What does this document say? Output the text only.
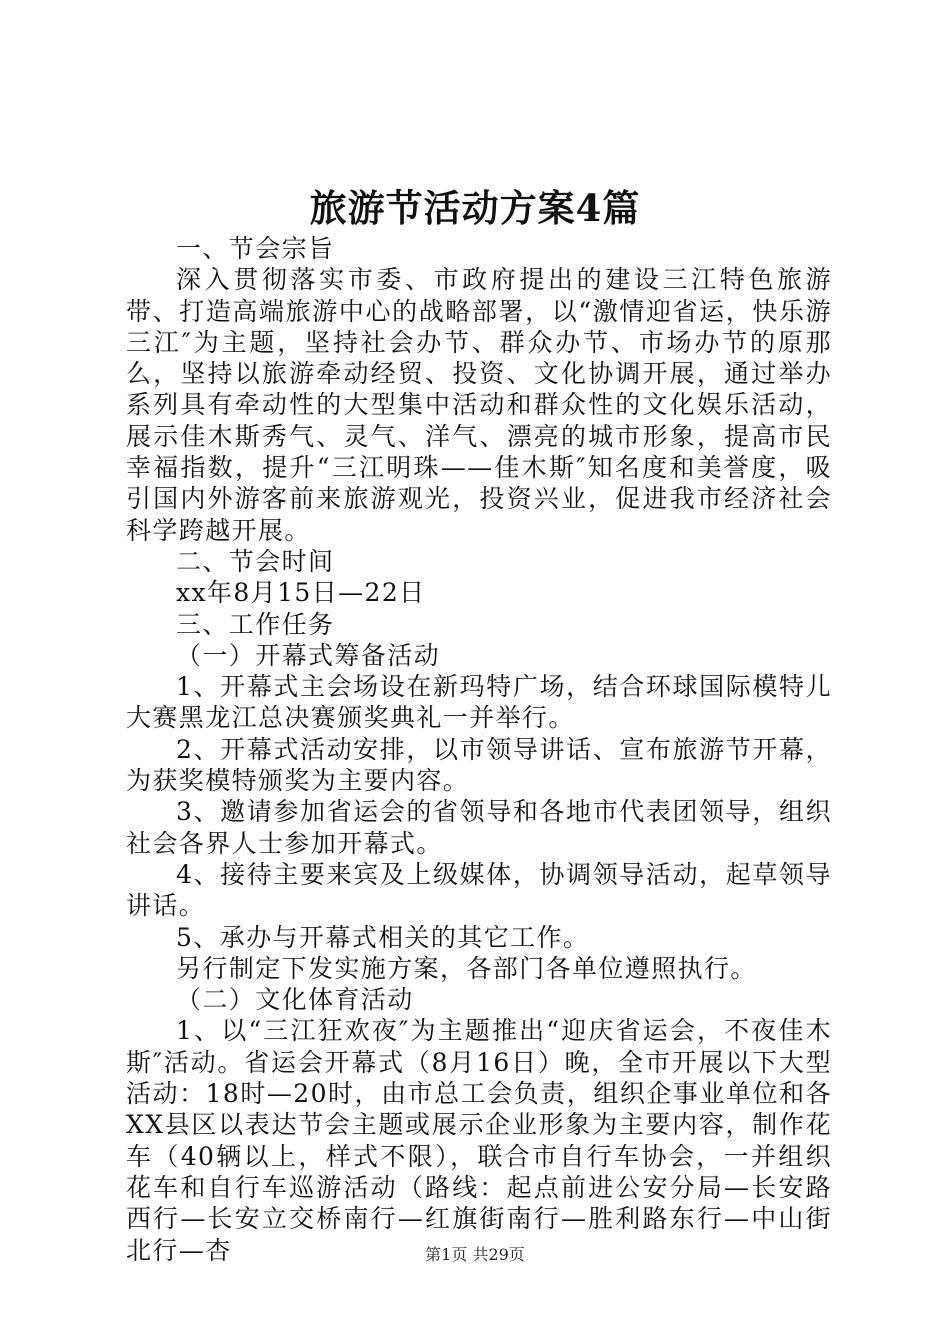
旅游节活动方案4篇

一、节会宗旨

深入贯彻落实市委、市政府提出的建设三江特色旅游带、打造高端旅游中心的战略部署，以“激情迎省运，快乐游三江″为主题，坚持社会办节、群众办节、市场办节的原那么，坚持以旅游牵动经贸、投资、文化协调开展，通过举办系列具有牵动性的大型集中活动和群众性的文化娱乐活动，展示佳木斯秀气、灵气、洋气、漂亮的城市形象，提高市民幸福指数，提升“三江明珠——佳木斯″知名度和美誉度，吸引国内外游客前来旅游观光，投资兴业，促进我市经济社会科学跨越开展。

二、节会时间

xx年8月15日—22日

三、工作任务

（一）开幕式筹备活动

1、开幕式主会场设在新玛特广场，结合环球国际模特儿大赛黑龙江总决赛颁奖典礼一并举行。

2、开幕式活动安排，以市领导讲话、宣布旅游节开幕，为获奖模特颁奖为主要内容。

3、邀请参加省运会的省领导和各地市代表团领导，组织社会各界人士参加开幕式。

4、接待主要来宾及上级媒体，协调领导活动，起草领导讲话。

5、承办与开幕式相关的其它工作。

另行制定下发实施方案，各部门各单位遵照执行。

（二）文化体育活动

1、以“三江狂欢夜″为主题推出“迎庆省运会，不夜佳木斯″活动。省运会开幕式（8月16日）晚，全市开展以下大型活动：18时—20时，由市总工会负责，组织企事业单位和各XX县区以表达节会主题或展示企业形象为主要内容，制作花车（40辆以上，样式不限），联合市自行车协会，一并组织花车和自行车巡游活动（路线：起点前进公安分局—长安路西行—长安立交桥南行—红旗街南行—胜利路东行—中山街北行—杏	第1页 共29页
